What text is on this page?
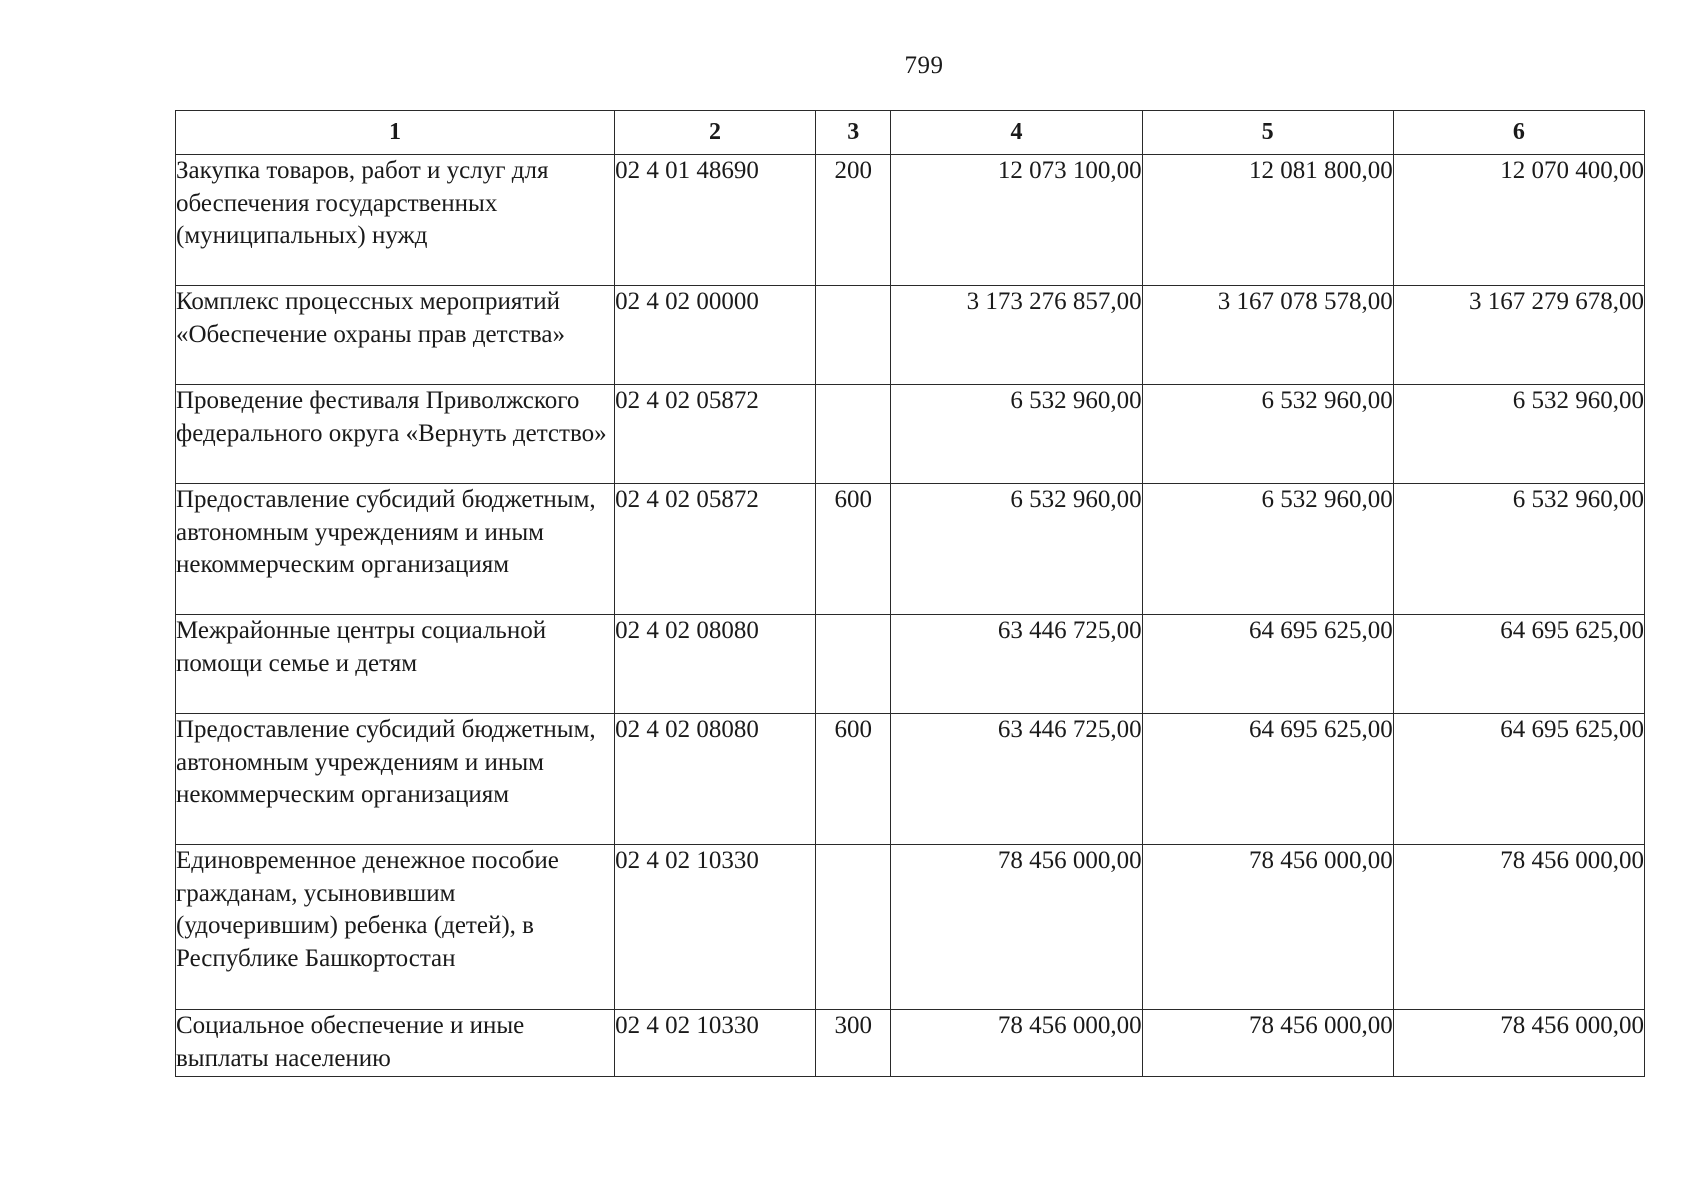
799
1	2	3	4	5	6
Закупка товаров, работ и услуг для обеспечения государственных (муниципальных) нужд	02 4 01 48690	200	12 073 100,00	12 081 800,00	12 070 400,00
Комплекс процессных мероприятий «Обеспечение охраны прав детства»	02 4 02 00000		3 173 276 857,00	3 167 078 578,00	3 167 279 678,00
Проведение фестиваля Приволжского федерального округа «Вернуть детство»	02 4 02 05872		6 532 960,00	6 532 960,00	6 532 960,00
Предоставление субсидий бюджетным, автономным учреждениям и иным некоммерческим организациям	02 4 02 05872	600	6 532 960,00	6 532 960,00	6 532 960,00
Межрайонные центры социальной помощи семье и детям	02 4 02 08080		63 446 725,00	64 695 625,00	64 695 625,00
Предоставление субсидий бюджетным, автономным учреждениям и иным некоммерческим организациям	02 4 02 08080	600	63 446 725,00	64 695 625,00	64 695 625,00
Единовременное денежное пособие гражданам, усыновившим (удочерившим) ребенка (детей), в Республике Башкортостан	02 4 02 10330		78 456 000,00	78 456 000,00	78 456 000,00
Социальное обеспечение и иные выплаты населению	02 4 02 10330	300	78 456 000,00	78 456 000,00	78 456 000,00
